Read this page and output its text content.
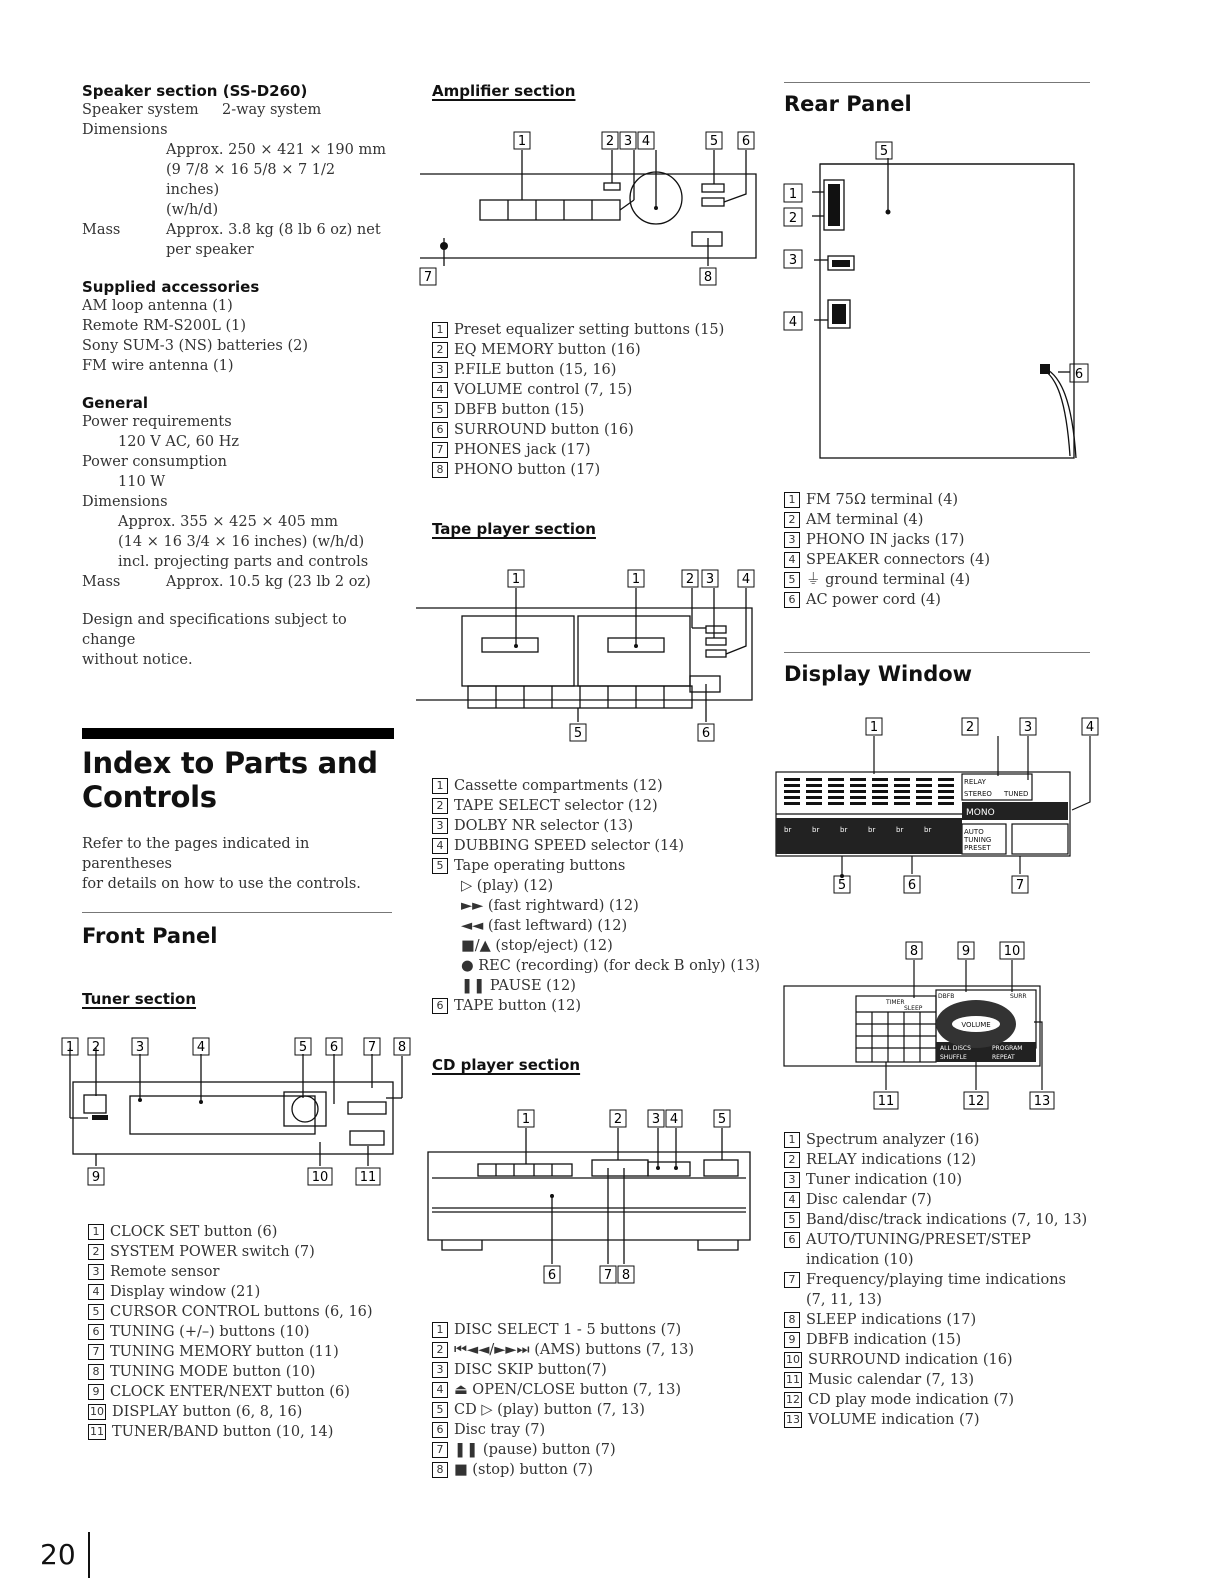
Speaker section (SS-D260)
Speaker system	2-way system
Dimensions
Approx. 250 × 421 × 190 mm
(9 7/8 × 16 5/8 × 7 1/2 inches)
(w/h/d)
Mass	Approx. 3.8 kg (8 lb 6 oz) net
per speaker
Supplied accessories
AM loop antenna (1)
Remote RM-S200L (1)
Sony SUM-3 (NS) batteries (2)
FM wire antenna (1)
General
Power requirements
120 V AC, 60 Hz
Power consumption
110 W
Dimensions
Approx. 355 × 425 × 405 mm
(14 × 16 3/4 × 16 inches) (w/h/d)
incl. projecting parts and controls
Mass	Approx. 10.5 kg (23 lb 2 oz)
Design and specifications subject to change
without notice.
Index to Parts and
Controls
Refer to the pages indicated in parentheses
for details on how to use the controls.
Front Panel
Tuner section
1 2	3	4	5 6 7 8
9	10 11
1 CLOCK SET button (6)
2 SYSTEM POWER switch (7)
3 Remote sensor
4 Display window (21)
5 CURSOR CONTROL buttons (6, 16)
6 TUNING (+/–) buttons (10)
7 TUNING MEMORY button (11)
8 TUNING MODE button (10)
9 CLOCK ENTER/NEXT button (6)
10 DISPLAY button (6, 8, 16)
11 TUNER/BAND button (10, 14)
20
Amplifier section
1	2 3 4	5 6
7	8
1 Preset equalizer setting buttons (15)
2 EQ MEMORY button (16)
3 P.FILE button (15, 16)
4 VOLUME control (7, 15)
5 DBFB button (15)
6 SURROUND button (16)
7 PHONES jack (17)
8 PHONO button (17)
Tape player section
1	1	2 3 4
5	6
1 Cassette compartments (12)
2 TAPE SELECT selector (12)
3 DOLBY NR selector (13)
4 DUBBING SPEED selector (14)
5 Tape operating buttons
▷ (play) (12)
►► (fast rightward) (12)
◄◄ (fast leftward) (12)
■/▲ (stop/eject) (12)
● REC (recording) (for deck B only) (13)
❚❚ PAUSE (12)
6 TAPE button (12)
CD player section
1	2 3 4	5
6	7 8
1 DISC SELECT 1 - 5 buttons (7)
2 ⏮◄◄/►►⏭ (AMS) buttons (7, 13)
3 DISC SKIP button(7)
4 ⏏ OPEN/CLOSE button (7, 13)
5 CD ▷ (play) button (7, 13)
6 Disc tray (7)
7 ❚❚ (pause) button (7)
8 ■ (stop) button (7)
Rear Panel
5
1
2
3
4
6
1 FM 75Ω terminal (4)
2 AM terminal (4)
3 PHONO IN jacks (17)
4 SPEAKER connectors (4)
5 ⏚ ground terminal (4)
6 AC power cord (4)
Display Window
br	br	br	br	br	br
RELAY
STEREO TUNED
AUTO
TUNING
PRESET
MONO
1	2	3	4
5	6	7
TIMER
SLEEP
DBFB	SURR
VOLUME
ALL DISCS	PROGRAM
SHUFFLE	REPEAT
8	9	10
11	12	13
1 Spectrum analyzer (16)
2 RELAY indications (12)
3 Tuner indication (10)
4 Disc calendar (7)
5 Band/disc/track indications (7, 10, 13)
6 AUTO/TUNING/PRESET/STEP
indication (10)
7 Frequency/playing time indications
(7, 11, 13)
8 SLEEP indications (17)
9 DBFB indication (15)
10 SURROUND indication (16)
11 Music calendar (7, 13)
12 CD play mode indication (7)
13 VOLUME indication (7)
